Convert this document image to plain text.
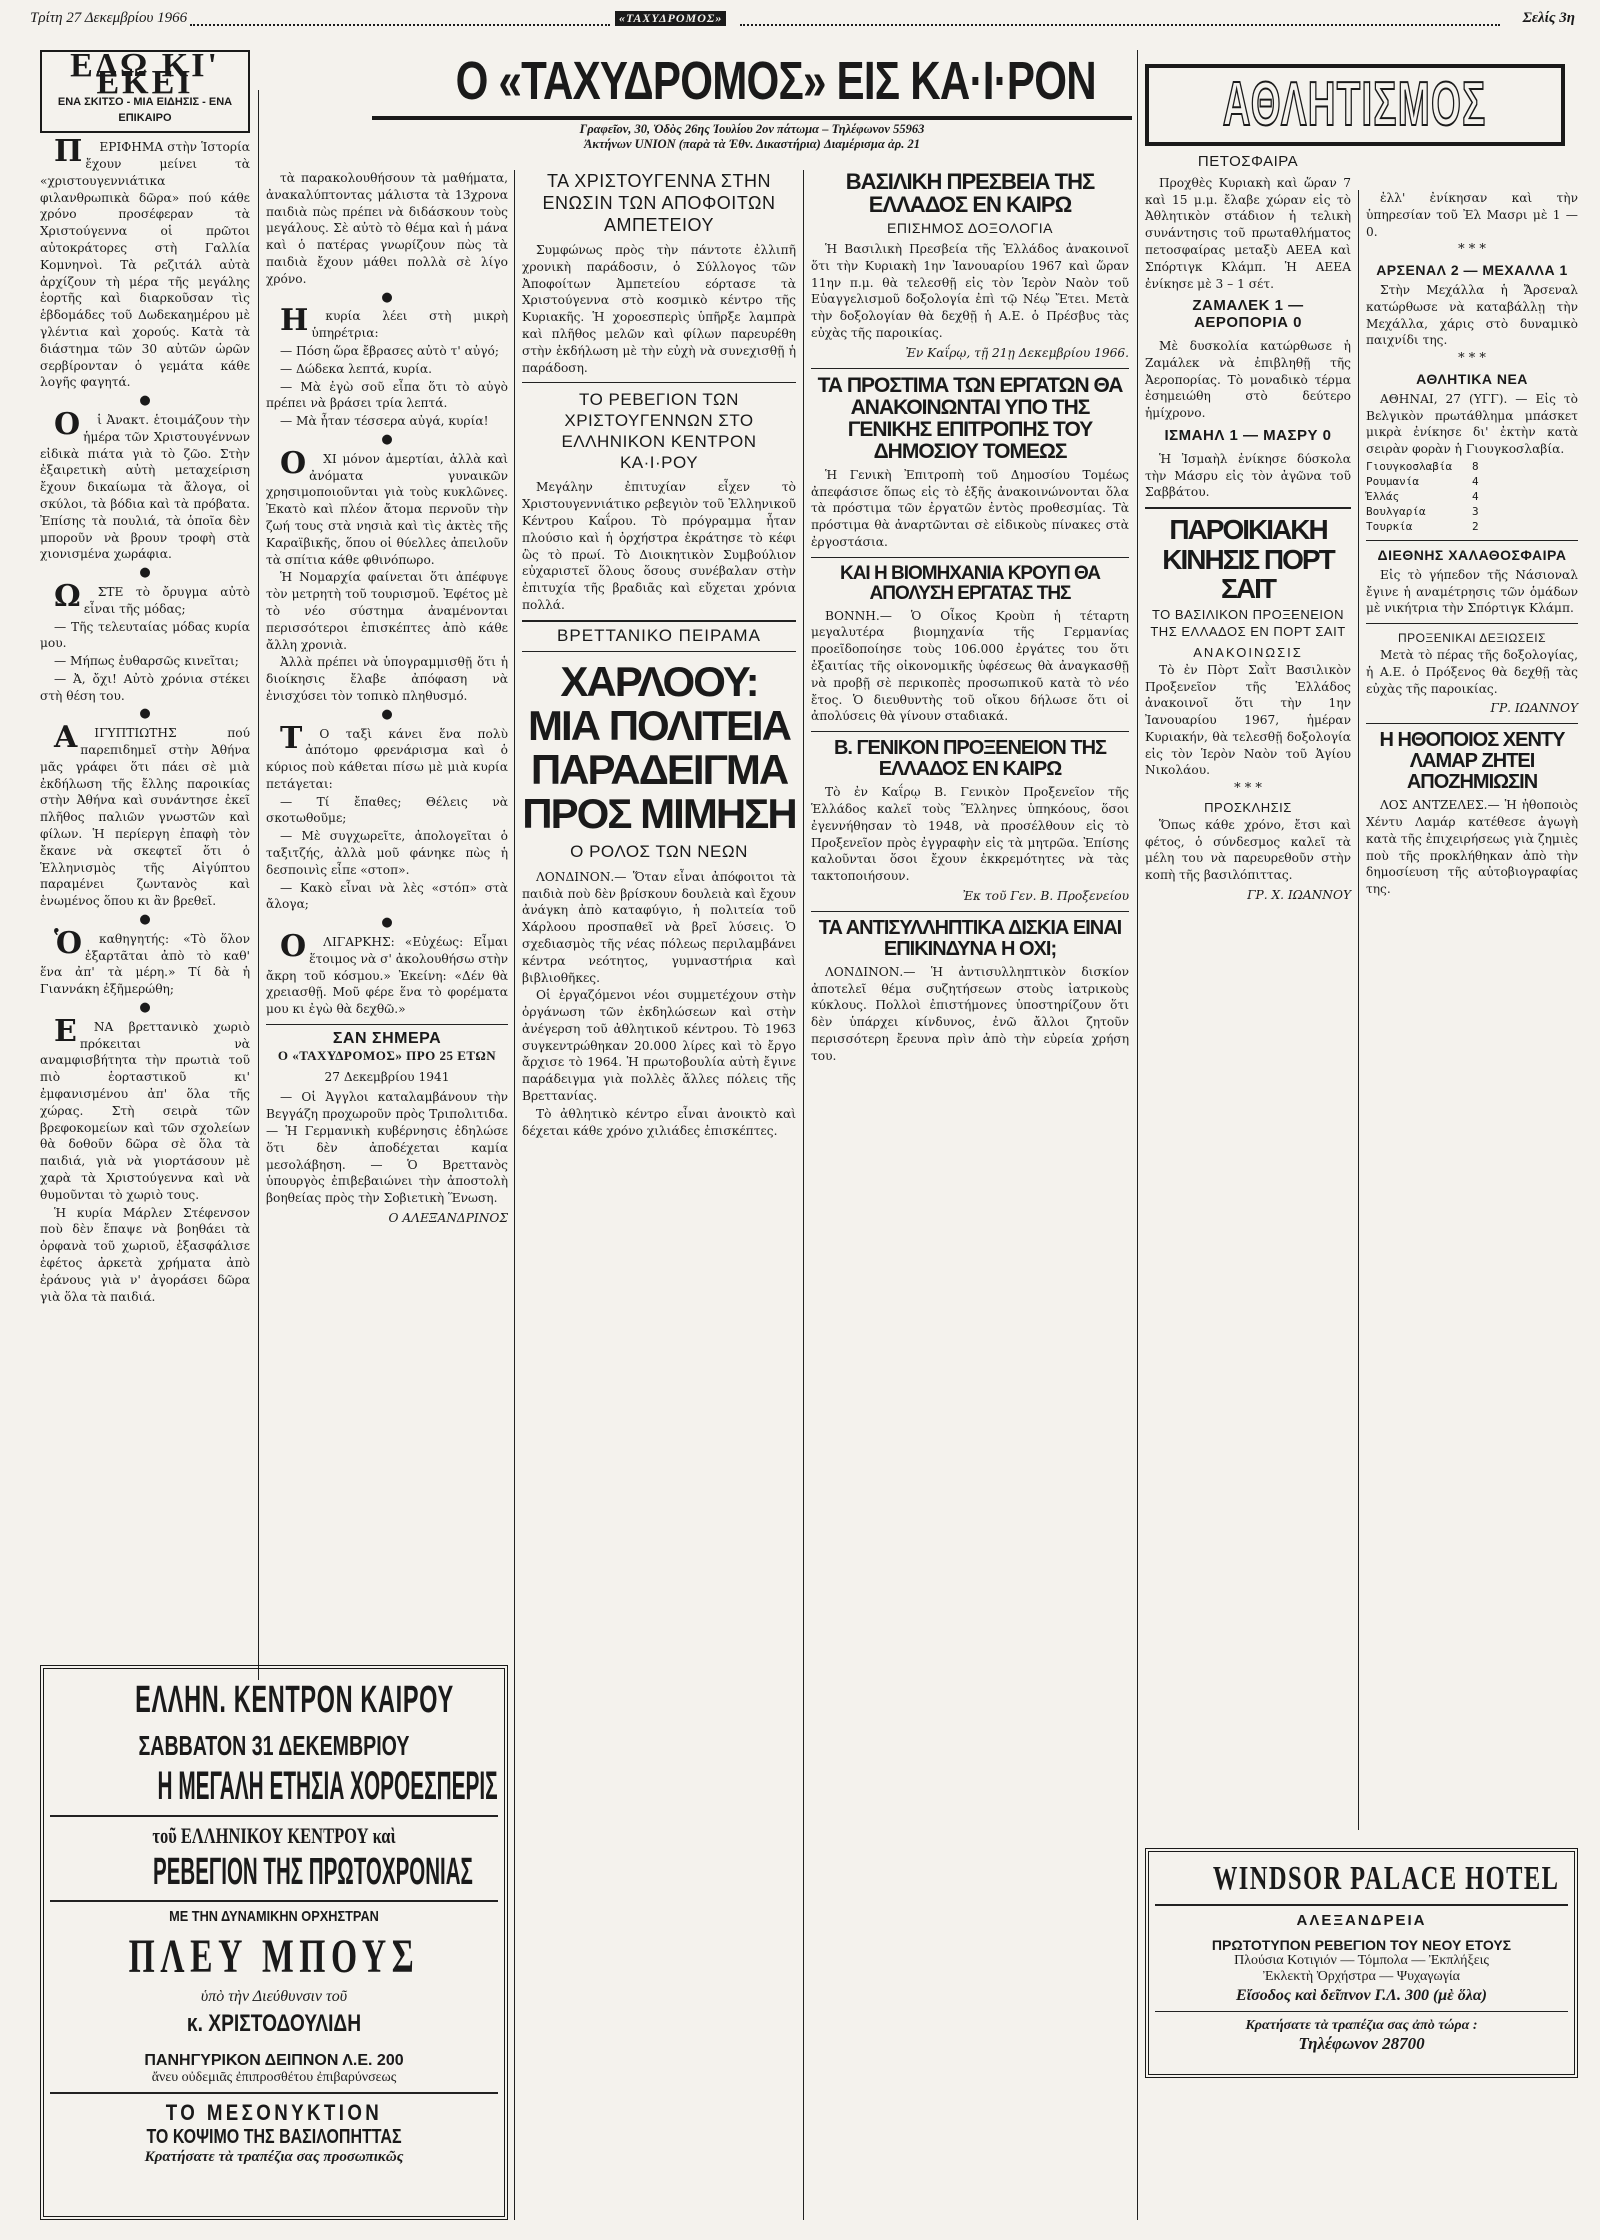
Τρίτη 27 Δεκεμβρίου 1966	«ΤΑΧΥΔΡΟΜΟΣ»	Σελίς 3η
Ο «ΤΑΧΥΔΡΟΜΟΣ» ΕΙΣ ΚΑ·Ι·ΡΟΝ
Γραφεῖον, 30, Ὁδὸς 26ης Ἰουλίου 2ον πάτωμα – Τηλέφωνον 55963
Ἀκτήνων UNION (παρὰ τὰ Ἐθν. Δικαστήρια) Διαμέρισμα ἀρ. 21
ΕΔΩ ΚΙ' ΕΚΕΙ
ΕΝΑ ΣΚΙΤΣΟ - ΜΙΑ ΕΙΔΗΣΙΣ - ΕΝΑ ΕΠΙΚΑΙΡΟ

ΠΕΡΙΦΗΜΑ στὴν Ἱστορία ἔχουν μείνει τὰ «χριστουγεννιάτικα φιλανθρωπικὰ δῶρα» πού κάθε χρόνο προσέφεραν τὰ Χριστούγεννα οἱ πρῶτοι αὐτοκράτορες στὴ Γαλλία Κομνηνοὶ. Τὰ ρεζιτάλ αὐτὰ ἀρχίζουν τὴ μέρα τῆς μεγάλης ἑορτῆς καὶ διαρκοῦσαν τὶς ἑβδομάδες τοῦ Δωδεκαημέρου μὲ γλέντια καὶ χορούς. Κατὰ τὰ διάστημα τῶν 30 αὐτῶν ὡρῶν σερβίρονταν ὁ γεμάτα κάθε λογῆς φαγητά.

●

Οἱ Ἀνακτ. ἑτοιμάζουν τὴν ἡμέρα τῶν Χριστουγέννων εἰδικὰ πιάτα γιὰ τὸ ζῶο. Στὴν ἐξαιρετικὴ αὐτὴ μεταχείριση ἔχουν δικαίωμα τὰ ἄλογα, οἱ σκύλοι, τὰ βόδια καὶ τὰ πρόβατα. Ἐπίσης τὰ πουλιά, τὰ ὁποῖα δὲν μποροῦν νὰ βρουν τροφὴ στὰ χιονισμένα χωράφια.

●

ΩΣΤΕ τὸ ὄρυγμα αὐτὸ εἶναι τῆς μόδας;

— Τῆς τελευταίας μόδας κυρία μου.

— Μήπως ἐυθαρσῶς κινεῖται;

— Ἀ, ὄχι! Αὐτὸ χρόνια στέκει στὴ θέση του.

●

ΑΙΓΥΠΤΙΩΤΗΣ πού παρεπιδημεῖ στὴν Ἀθήνα μᾶς γράφει ὅτι πάει σὲ μιὰ ἐκδήλωση τῆς ἔλλης παροικίας στὴν Ἀθήνα καὶ συνάντησε ἐκεῖ πλῆθος παλιῶν γνωστῶν καὶ φίλων. Ἡ περίεργη ἐπαφὴ τὸν ἔκανε νὰ σκεφτεῖ ὅτι ὁ Ἑλληνισμὸς τῆς Αἰγύπτου παραμένει ζωντανὸς καὶ ἑνωμένος ὅπου κι ἂν βρεθεῖ.

●

Ὁκαθηγητής: «Τὸ ὅλον ἐξαρτᾶται ἀπὸ τὸ καθ' ἕνα ἀπ' τὰ μέρη.» Τί δὰ ἡ Γιαννάκη ἐξῆμερώθη;

●

ΕΝΑ βρεττανικὸ χωριὸ πρόκειται νὰ αναμφισβήτητα τὴν πρωτιὰ τοῦ πιὸ ἑορταστικοῦ κι' ἐμφανισμένου ἀπ' ὅλα τῆς χώρας. Στὴ σειρὰ τῶν βρεφοκομείων καὶ τῶν σχολείων θὰ δοθοῦν δῶρα σὲ ὅλα τὰ παιδιά, γιὰ νὰ γιορτάσουν μὲ χαρὰ τὰ Χριστούγεννα καὶ νὰ θυμοῦνται τὸ χωριὸ τους.

Ἡ κυρία Μάρλεν Στέφενσον ποὺ δὲν ἔπαψε νὰ βοηθάει τὰ ὀρφανὰ τοῦ χωριοῦ, ἐξασφάλισε ἐφέτος ἀρκετὰ χρήματα ἀπὸ ἐράνους γιὰ ν' ἀγοράσει δῶρα γιὰ ὅλα τὰ παιδιά.

τὰ παρακολουθήσουν τὰ μαθήματα, ἀνακαλύπτοντας μάλιστα τὰ 13χρονα παιδιὰ πὼς πρέπει νὰ διδάσκουν τοὺς μεγάλους. Σὲ αὐτὸ τὸ θέμα καὶ ἡ μάνα καὶ ὁ πατέρας γνωρίζουν πὼς τὰ παιδιὰ ἔχουν μάθει πολλὰ σὲ λίγο χρόνο.

●

Ηκυρία λέει στὴ μικρὴ ὑπηρέτρια:

— Πόση ὥρα ἔβρασες αὐτὸ τ' αὐγό;

— Δώδεκα λεπτά, κυρία.

— Μὰ ἐγὼ σοῦ εἶπα ὅτι τὸ αὐγὸ πρέπει νὰ βράσει τρία λεπτά.

— Μὰ ἦταν τέσσερα αὐγά, κυρία!

●

ΟΧΙ μόνον ἀμερτίαι, ἀλλὰ καὶ ἀνόματα γυναικῶν χρησιμοποιοῦνται γιὰ τοὺς κυκλῶνες. Ἐκατὸ καὶ πλέον ἄτομα περνοῦν τὴν ζωή τους στὰ νησιὰ καὶ τὶς ἀκτὲς τῆς Καραϊβικῆς, ὅπου οἱ θύελλες ἀπειλοῦν τὰ σπίτια κάθε φθινόπωρο.

Ἡ Νομαρχία φαίνεται ὅτι ἀπέφυγε τὸν μετρητὴ τοῦ τουρισμοῦ. Ἐφέτος μὲ τὸ νέο σύστημα ἀναμένονται περισσότεροι ἐπισκέπτες ἀπὸ κάθε ἄλλη χρονιὰ.

Ἀλλὰ πρέπει νὰ ὑπογραμμισθῇ ὅτι ἡ διοίκησις ἔλαβε ἀπόφαση νὰ ἐνισχύσει τὸν τοπικὸ πληθυσμό.

●

ΤΟ ταξὶ κάνει ἕνα πολὺ ἀπότομο φρενάρισμα καὶ ὁ κύριος ποὺ κάθεται πίσω μὲ μιὰ κυρία πετάγεται:

— Τί ἔπαθες; Θέλεις νὰ σκοτωθοῦμε;

— Μὲ συγχωρεῖτε, ἀπολογεῖται ὁ ταξιτζής, ἀλλὰ μοῦ φάνηκε πὼς ἡ δεσποινὶς εἶπε «στοπ».

— Κακὸ εἶναι νὰ λὲς «στόπ» στὰ ἄλογα;

●

ΟΛΙΓΑΡΚΗΣ: «Εὐχέως: Εἶμαι ἕτοιμος νὰ σ' ἀκολουθήσω στὴν ἄκρη τοῦ κόσμου.» Ἐκείνη: «Δέν θὰ χρειασθῇ. Μοῦ φέρε ἕνα τὸ φορέματα μου κι ἐγὼ θὰ δεχθῶ.»

ΣΑΝ ΣΗΜΕΡΑ
Ο «ΤΑΧΥΔΡΟΜΟΣ» ΠΡΟ 25 ΕΤΩΝ

27 Δεκεμβρίου 1941

— Οἱ Ἀγγλοι καταλαμβάνουν τὴν Βεγγάζη προχωροῦν πρὸς Τριπολιτιδα. — Ἡ Γερμανικὴ κυβέρνησις ἐδηλώσε ὅτι δὲν ἀποδέχεται καμία μεσολάβηση. — Ὁ Βρεττανὸς ὑπουργὸς ἐπιβεβαιώνει τὴν ἀποστολὴ βοηθείας πρὸς τὴν Σοβιετικὴ Ἕνωση.

Ο ΑΛΕΞΑΝΔΡΙΝΟΣ

ΕΛΛΗΝ. ΚΕΝΤΡΟΝ ΚΑΙΡΟΥ
ΣΑΒΒΑΤΟΝ 31 ΔΕΚΕΜΒΡΙΟΥ
Η ΜΕΓΑΛΗ ΕΤΗΣΙΑ ΧΟΡΟΕΣΠΕΡΙΣ
τοῦ ΕΛΛΗΝΙΚΟΥ ΚΕΝΤΡΟΥ καὶ
ΡΕΒΕΓΙΟΝ ΤΗΣ ΠΡΩΤΟΧΡΟΝΙΑΣ
ΜΕ ΤΗΝ ΔΥΝΑΜΙΚΗΝ ΟΡΧΗΣΤΡΑΝ
ΠΛΕΥ ΜΠΟΥΣ
ὑπὸ τὴν Διεύθυνσιν τοῦ
κ. ΧΡΙΣΤΟΔΟΥΛΙΔΗ
ΠΑΝΗΓΥΡΙΚΟΝ ΔΕΙΠΝΟΝ Λ.Ε. 200
ἄνευ οὐδεμιᾶς ἐπιπροσθέτου ἐπιβαρύνσεως
ΤΟ ΜΕΣΟΝΥΚΤΙΟΝ
ΤΟ ΚΟΨΙΜΟ ΤΗΣ ΒΑΣΙΛΟΠΗΤΤΑΣ
Κρατήσατε τὰ τραπέζια σας προσωπικῶς
ΤΑ ΧΡΙΣΤΟΥΓΕΝΝΑ ΣΤΗΝ ΕΝΩΣΙΝ ΤΩΝ ΑΠΟΦΟΙΤΩΝ ΑΜΠΕΤΕΙΟΥ

Συμφώνως πρὸς τὴν πάντοτε ἐλλιπῆ χρονικὴ παράδοσιν, ὁ Σύλλογος τῶν Ἀποφοίτων Ἀμπετείου εόρτασε τὰ Χριστούγεννα στὸ κοσμικὸ κέντρο τῆς Κυριακῆς. Ἡ χοροεσπερὶς ὑπῆρξε λαμπρὰ καὶ πλῆθος μελῶν καὶ φίλων παρευρέθη στὴν ἐκδήλωση μὲ τὴν εὐχὴ νὰ συνεχισθῇ ἡ παράδοση.

ΤΟ ΡΕΒΕΓΙΟΝ ΤΩΝ ΧΡΙΣΤΟΥΓΕΝΝΩΝ ΣΤΟ ΕΛΛΗΝΙΚΟΝ ΚΕΝΤΡΟΝ ΚΑ·Ι·ΡΟΥ

Μεγάλην ἐπιτυχίαν εἶχεν τὸ Χριστουγεννιάτικο ρεβεγιὸν τοῦ Ἑλληνικοῦ Κέντρου Καΐρου. Τὸ πρόγραμμα ἦταν πλούσιο καὶ ἡ ὀρχήστρα ἐκράτησε τὸ κέφι ὣς τὸ πρωί. Τὸ Διοικητικὸν Συμβούλιον εὐχαριστεῖ ὅλους ὅσους συνέβαλαν στὴν ἐπιτυχία τῆς βραδιᾶς καὶ εὔχεται χρόνια πολλά.

ΒΡΕΤΤΑΝΙΚΟ ΠΕΙΡΑΜΑ
ΧΑΡΛΟΟΥ: ΜΙΑ ΠΟΛΙΤΕΙΑ ΠΑΡΑΔΕΙΓΜΑ ΠΡΟΣ ΜΙΜΗΣΗ
Ο ΡΟΛΟΣ ΤΩΝ ΝΕΩΝ

ΛΟΝΔΙΝΟΝ.— Ὅταν εἶναι ἀπόφοιτοι τὰ παιδιὰ ποὺ δὲν βρίσκουν δουλειὰ καὶ ἔχουν ἀνάγκη ἀπὸ καταφύγιο, ἡ πολιτεία τοῦ Χάρλοου προσπαθεῖ νὰ βρεῖ λύσεις. Ὁ σχεδιασμὸς τῆς νέας πόλεως περιλαμβάνει κέντρα νεότητος, γυμναστήρια καὶ βιβλιοθῆκες.

Οἱ ἐργαζόμενοι νέοι συμμετέχουν στὴν ὀργάνωση τῶν ἐκδηλώσεων καὶ στὴν ἀνέγερση τοῦ ἀθλητικοῦ κέντρου. Τὸ 1963 συγκεντρώθηκαν 20.000 λίρες καὶ τὸ ἔργο ἄρχισε τὸ 1964. Ἡ πρωτοβουλία αὐτὴ ἔγινε παράδειγμα γιὰ πολλὲς ἄλλες πόλεις τῆς Βρεττανίας.

Τὸ ἀθλητικὸ κέντρο εἶναι ἀνοικτὸ καὶ δέχεται κάθε χρόνο χιλιάδες ἐπισκέπτες.

ΒΑΣΙΛΙΚΗ ΠΡΕΣΒΕΙΑ ΤΗΣ ΕΛΛΑΔΟΣ ΕΝ ΚΑΙΡΩ
ΕΠΙΣΗΜΟΣ ΔΟΞΟΛΟΓΙΑ

Ἡ Βασιλικὴ Πρεσβεία τῆς Ἑλλάδος ἀνακοινοῖ ὅτι τὴν Κυριακὴ 1ην Ἰανουαρίου 1967 καὶ ὥραν 11ην π.μ. θὰ τελεσθῇ εἰς τὸν Ἱερὸν Ναὸν τοῦ Εὐαγγελισμοῦ δοξολογία ἐπὶ τῷ Νέῳ Ἔτει. Μετὰ τὴν δοξολογίαν θὰ δεχθῇ ἡ Α.Ε. ὁ Πρέσβυς τὰς εὐχὰς τῆς παροικίας.

Ἐν Καΐρῳ, τῇ 21ῃ Δεκεμβρίου 1966.

ΤΑ ΠΡΟΣΤΙΜΑ ΤΩΝ ΕΡΓΑΤΩΝ ΘΑ ΑΝΑΚΟΙΝΩΝΤΑΙ ΥΠΟ ΤΗΣ ΓΕΝΙΚΗΣ ΕΠΙΤΡΟΠΗΣ ΤΟΥ ΔΗΜΟΣΙΟΥ ΤΟΜΕΩΣ

Ἡ Γενικὴ Ἐπιτροπὴ τοῦ Δημοσίου Τομέως ἀπεφάσισε ὅπως εἰς τὸ ἑξῆς ἀνακοινώνονται ὅλα τὰ πρόστιμα τῶν ἐργατῶν ἐντὸς προθεσμίας. Τὰ πρόστιμα θὰ ἀναρτῶνται σὲ εἰδικοὺς πίνακες στὰ ἐργοστάσια.

ΚΑΙ Η ΒΙΟΜΗΧΑΝΙΑ ΚΡΟΥΠ ΘΑ ΑΠΟΛΥΣΗ ΕΡΓΑΤΑΣ ΤΗΣ

ΒΟΝΝΗ.— Ὁ Οἶκος Κροὺπ ἡ τέταρτη μεγαλυτέρα βιομηχανία τῆς Γερμανίας προεῖδοποίησε τοὺς 106.000 ἐργάτες του ὅτι ἐξαιτίας τῆς οἰκονομικῆς ὑφέσεως θὰ ἀναγκασθῇ νὰ προβῇ σὲ περικοπὲς προσωπικοῦ κατὰ τὸ νέο ἔτος. Ὁ διευθυντὴς τοῦ οἴκου δήλωσε ὅτι οἱ ἀπολύσεις θὰ γίνουν σταδιακά.

Β. ΓΕΝΙΚΟΝ ΠΡΟΞΕΝΕΙΟΝ ΤΗΣ ΕΛΛΑΔΟΣ ΕΝ ΚΑΙΡΩ

Τὸ ἐν Καΐρῳ Β. Γενικὸν Προξενεῖον τῆς Ἑλλάδος καλεῖ τοὺς Ἕλληνες ὑπηκόους, ὅσοι ἐγεννήθησαν τὸ 1948, νὰ προσέλθουν εἰς τὸ Προξενεῖον πρὸς ἐγγραφὴν εἰς τὰ μητρῶα. Ἐπίσης καλοῦνται ὅσοι ἔχουν ἐκκρεμότητες νὰ τὰς τακτοποιήσουν.

Ἐκ τοῦ Γεν. Β. Προξενείου

ΤΑ ΑΝΤΙΣΥΛΛΗΠΤΙΚΑ ΔΙΣΚΙΑ ΕΙΝΑΙ ΕΠΙΚΙΝΔΥΝΑ Η ΟΧΙ;

ΛΟΝΔΙΝΟΝ.— Ἡ ἀντισυλληπτικὸν δισκίον ἀποτελεῖ θέμα συζητήσεων στοὺς ἰατρικοὺς κύκλους. Πολλοὶ ἐπιστήμονες ὑποστηρίζουν ὅτι δὲν ὑπάρχει κίνδυνος, ἐνῶ ἄλλοι ζητοῦν περισσότερη ἔρευνα πρὶν ἀπὸ τὴν εὐρεία χρήση του.

ΑΘΛΗΤΙΣΜΟΣ
ΠΕΤΟΣΦΑΙΡΑ

Προχθὲς Κυριακὴ καὶ ὥραν 7 καὶ 15 μ.μ. ἔλαβε χώραν εἰς τὸ Ἀθλητικὸν στάδιον ἡ τελικὴ συνάντησις τοῦ πρωταθλήματος πετοσφαίρας μεταξὺ ΑΕΕΑ καὶ Σπόρτιγκ Κλάμπ. Ἡ ΑΕΕΑ ἐνίκησε μὲ 3 – 1 σέτ.

ΖΑΜΑΛΕΚ 1 — ΑΕΡΟΠΟΡΙΑ 0

Μὲ δυσκολία κατώρθωσε ἡ Ζαμάλεκ νὰ ἐπιβληθῇ τῆς Ἀεροπορίας. Τὸ μοναδικὸ τέρμα ἐσημειώθη στὸ δεύτερο ἡμίχρονο.

ΙΣΜΑΗΛ 1 — ΜΑΣΡΥ 0

Ἡ Ἰσμαὴλ ἐνίκησε δύσκολα τὴν Μάσρυ εἰς τὸν ἀγῶνα τοῦ Σαββάτου.

ΠΑΡΟΙΚΙΑΚΗ ΚΙΝΗΣΙΣ ΠΟΡΤ ΣΑΙΤ
ΤΟ ΒΑΣΙΛΙΚΟΝ ΠΡΟΞΕΝΕΙΟΝ ΤΗΣ ΕΛΛΑΔΟΣ ΕΝ ΠΟΡΤ ΣΑΙΤ
ΑΝΑΚΟΙΝΩΣΙΣ

Τὸ ἐν Πὸρτ Σαῒτ Βασιλικὸν Προξενεῖον τῆς Ἑλλάδος ἀνακοινοῖ ὅτι τὴν 1ην Ἰανουαρίου 1967, ἡμέραν Κυριακήν, θὰ τελεσθῇ δοξολογία εἰς τὸν Ἱερὸν Ναὸν τοῦ Ἁγίου Νικολάου.

* * *
ΠΡΟΣΚΛΗΣΙΣ

Ὅπως κάθε χρόνο, ἔτσι καὶ φέτος, ὁ σύνδεσμος καλεῖ τὰ μέλη του νὰ παρευρεθοῦν στὴν κοπὴ τῆς βασιλόπιττας.

ΓΡ. Χ. ΙΩΑΝΝΟΥ

ἐλλ' ἐνίκησαν καὶ τὴν ὑπηρεσίαν τοῦ Ἐλ Μασρι μὲ 1 — 0.

* * *
ΑΡΣΕΝΑΛ 2 — ΜΕΧΑΛΛΑ 1

Στὴν Μεχάλλα ἡ Ἄρσεναλ κατώρθωσε νὰ καταβάλλῃ τὴν Μεχάλλα, χάρις στὸ δυναμικὸ παιχνίδι της.

* * *
ΑΘΛΗΤΙΚΑ ΝΕΑ

ΑΘΗΝΑΙ, 27 (ΥΓΓ). — Εἰς τὸ Βελγικὸν πρωτάθλημα μπάσκετ μικρὰ ἐνίκησε δι' ἐκτὴν κατὰ σειρὰν φορὰν ἡ Γιουγκοσλαβία.

Γιουγκοσλαβία   8
Ρουμανία        4
Ἑλλάς           4
Βουλγαρία       3
Τουρκία         2
ΔΙΕΘΝΗΣ ΧΑΛΑΘΟΣΦΑΙΡΑ

Εἰς τὸ γήπεδον τῆς Νάσιοναλ ἔγινε ἡ αναμέτρησις τῶν ὁμάδων μὲ νικήτρια τὴν Σπόρτιγκ Κλάμπ.

ΠΡΟΞΕΝΙΚΑΙ ΔΕΞΙΩΣΕΙΣ

Μετὰ τὸ πέρας τῆς δοξολογίας, ἡ Α.Ε. ὁ Πρόξενος θὰ δεχθῇ τὰς εὐχὰς τῆς παροικίας.

ΓΡ. ΙΩΑΝΝΟΥ

Η ΗΘΟΠΟΙΟΣ ΧΕΝΤΥ ΛΑΜΑΡ ΖΗΤΕΙ ΑΠΟΖΗΜΙΩΣΙΝ

ΛΟΣ ΑΝΤΖΕΛΕΣ.— Ἡ ἠθοποιὸς Χέντυ Λαμάρ κατέθεσε ἀγωγὴ κατὰ τῆς ἐπιχειρήσεως γιὰ ζημιὲς ποὺ τῆς προκλήθηκαν ἀπὸ τὴν δημοσίευση τῆς αὐτοβιογραφίας της.

WINDSOR PALACE HOTEL
ΑΛΕΞΑΝΔΡΕΙΑ
ΠΡΩΤΟΤΥΠΟΝ ΡΕΒΕΓΙΟΝ ΤΟΥ ΝΕΟΥ ΕΤΟΥΣ
Πλούσια Κοτιγιόν — Τόμπολα — Ἐκπλήξεις
Ἐκλεκτὴ Ὀρχήστρα — Ψυχαγωγία
Εἴσοδος καὶ δεῖπνον Γ.Λ. 300 (μὲ ὅλα)
Κρατήσατε τὰ τραπέζια σας ἀπὸ τώρα :
Τηλέφωνον 28700
